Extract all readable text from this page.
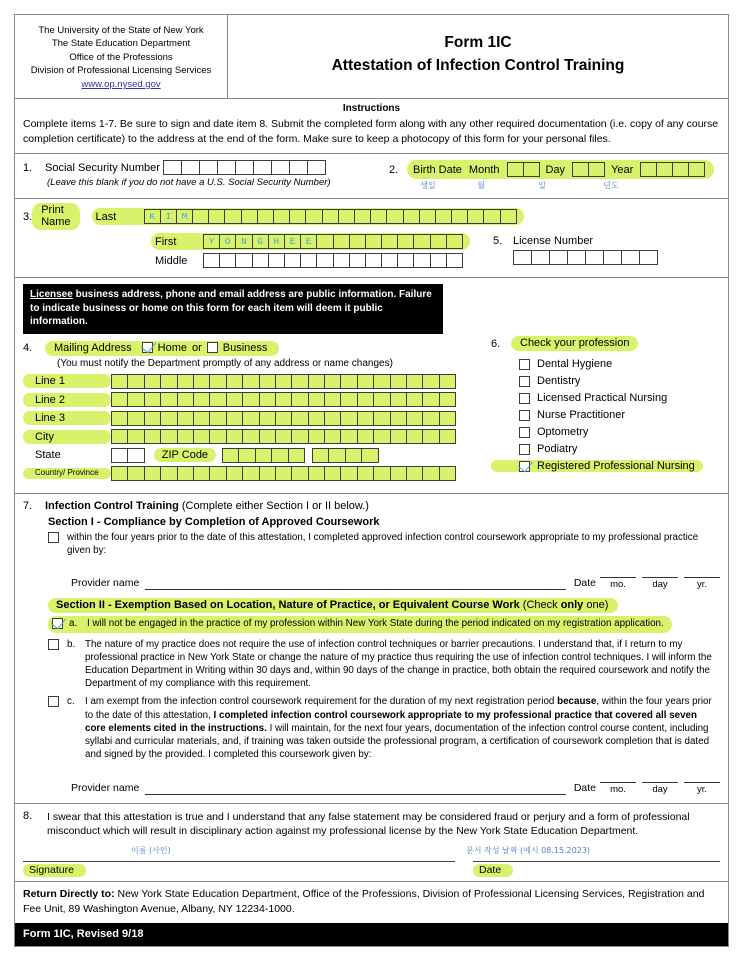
The University of the State of New York
The State Education Department
Office of the Professions
Division of Professional Licensing Services
www.op.nysed.gov
Form 1IC
Attestation of Infection Control Training
Instructions
Complete items 1-7. Be sure to sign and date item 8. Submit the completed form along with any other required documentation (i.e. copy of any course completion certificate) to the address at the end of the form. Make sure to keep a photocopy of this form for your personal files.
1.	Social Security Number
(Leave this blank if you do not have a U.S. Social Security Number)
2.	Birth Date Month	Day	Year
생일	월	일	년도
3.
Print Name	Last	K	I	M
First	Y	O	N	G	H	E	E
Middle
5. License Number
Licensee business address, phone and email address are public information. Failure to indicate business or home on this form for each item will deem it public information.
4.	Mailing Address Home or Business
(You must notify the Department promptly of any address or name changes)
Line 1
Line 2
Line 3
City
State	ZIP Code
Country/ Province
6.	Check your profession
Dental Hygiene
Dentistry
Licensed Practical Nursing
Nurse Practitioner
Optometry
Podiatry
Registered Professional Nursing
7.	Infection Control Training (Complete either Section I or II below.)
Section I - Compliance by Completion of Approved Coursework
within the four years prior to the date of this attestation, I completed approved infection control coursework appropriate to my professional practice given by:
Provider name	Date	mo.	day	yr.
Section II - Exemption Based on Location, Nature of Practice, or Equivalent Course Work (Check only one)
a.	I will not be engaged in the practice of my profession within New York State during the period indicated on my registration application.
b.	The nature of my practice does not require the use of infection control techniques or barrier precautions. I understand that, if I return to my professional practice in New York State or change the nature of my practice thus requiring the use of infection control techniques. I will inform the Education Department in Writing within 30 days and, within 90 days of the change in practice, both obtain the required coursework and notify the Department of my compliance with this requirement.
c.	I am exempt from the infection control coursework requirement for the duration of my next registration period because, within the four years prior to the date of this attestation, I completed infection control coursework appropriate to my professional practice that covered all seven core elements cited in the instructions. I will maintain, for the next four years, documentation of the infection control course content, including syllabi and curricular materials, and, if training was taken outside the professional program, a certification of coursework completion that is dated and signed by the provided. I completed this coursework given by:
Provider name	Date	mo.	day	yr.
8.	I swear that this attestation is true and I understand that any false statement may be considered fraud or perjury and a form of professional misconduct which will result in disciplinary action against my professional license by the New York State Education Department.
이름 (사인)	문서 작성 날짜 (예시 08.15.2023)
Signature	Date
Return Directly to: New York State Education Department, Office of the Professions, Division of Professional Licensing Services, Registration and Fee Unit, 89 Washington Avenue, Albany, NY 12234-1000.
Form 1IC, Revised 9/18
